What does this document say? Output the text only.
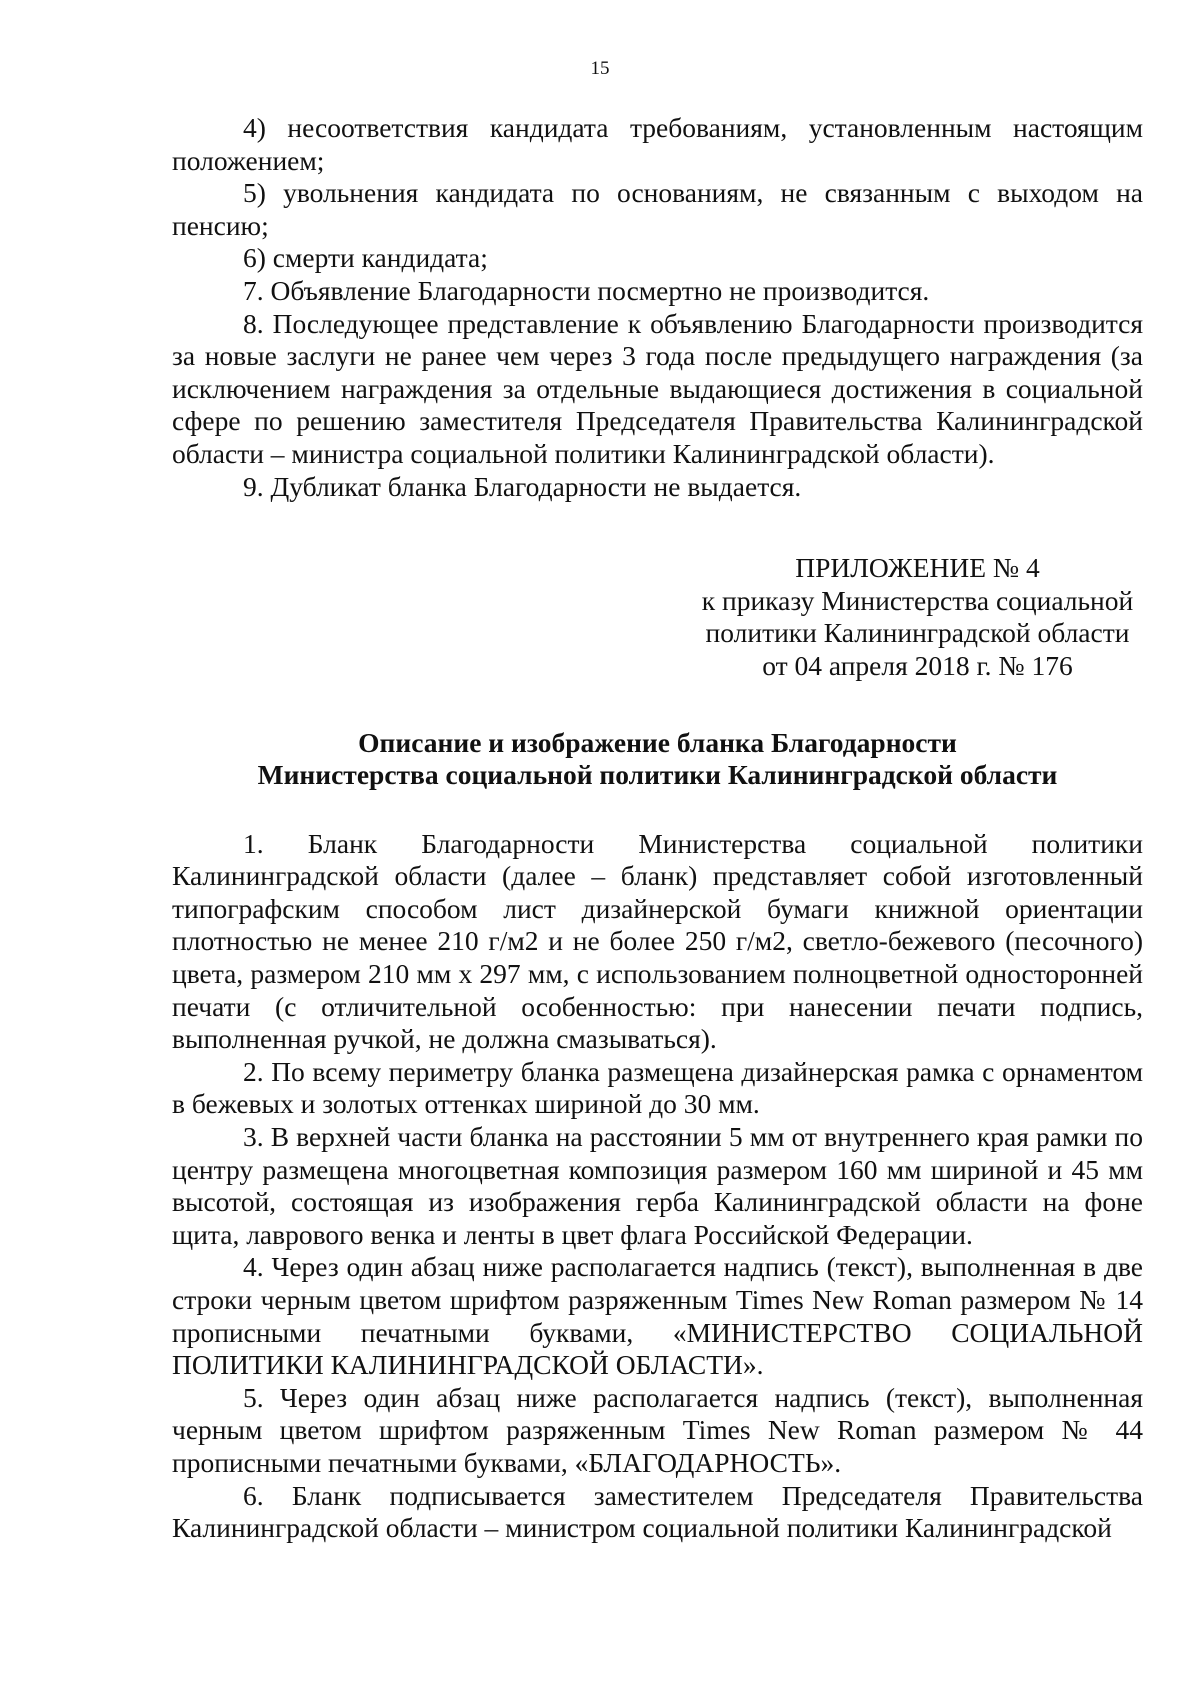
15

4) несоответствия кандидата требованиям, установленным настоящим положением;

5) увольнения кандидата по основаниям, не связанным с выходом на пенсию;

6) смерти кандидата;

7. Объявление Благодарности посмертно не производится.

8. Последующее представление к объявлению Благодарности производится за новые заслуги не ранее чем через 3 года после предыдущего награждения (за исключением награждения за отдельные выдающиеся достижения в социальной сфере по решению заместителя Председателя Правительства Калининградской области – министра социальной политики Калининградской области).

9. Дубликат бланка Благодарности не выдается.

ПРИЛОЖЕНИЕ № 4
к приказу Министерства социальной
политики Калининградской области
от 04 апреля 2018 г. № 176
Описание и изображение бланка Благодарности
Министерства социальной политики Калининградской области

1. Бланк Благодарности Министерства социальной политики Калининградской области (далее – бланк) представляет собой изготовленный типографским способом лист дизайнерской бумаги книжной ориентации плотностью не менее 210 г/м2 и не более 250 г/м2, светло-бежевого (песочного) цвета, размером 210 мм x 297 мм, с использованием полноцветной односторонней печати (с отличительной особенностью: при нанесении печати подпись, выполненная ручкой, не должна смазываться).

2. По всему периметру бланка размещена дизайнерская рамка с орнаментом в бежевых и золотых оттенках шириной до 30 мм.

3. В верхней части бланка на расстоянии 5 мм от внутреннего края рамки по центру размещена многоцветная композиция размером 160 мм шириной и 45 мм высотой, состоящая из изображения герба Калининградской области на фоне щита, лаврового венка и ленты в цвет флага Российской Федерации.

4. Через один абзац ниже располагается надпись (текст), выполненная в две строки черным цветом шрифтом разряженным Times New Roman размером № 14 прописными печатными буквами, «МИНИСТЕРСТВО СОЦИАЛЬНОЙ ПОЛИТИКИ КАЛИНИНГРАДСКОЙ ОБЛАСТИ».

5. Через один абзац ниже располагается надпись (текст), выполненная черным цветом шрифтом разряженным Times New Roman размером № 44 прописными печатными буквами, «БЛАГОДАРНОСТЬ».

6. Бланк подписывается заместителем Председателя Правительства Калининградской области – министром социальной политики Калининградской
